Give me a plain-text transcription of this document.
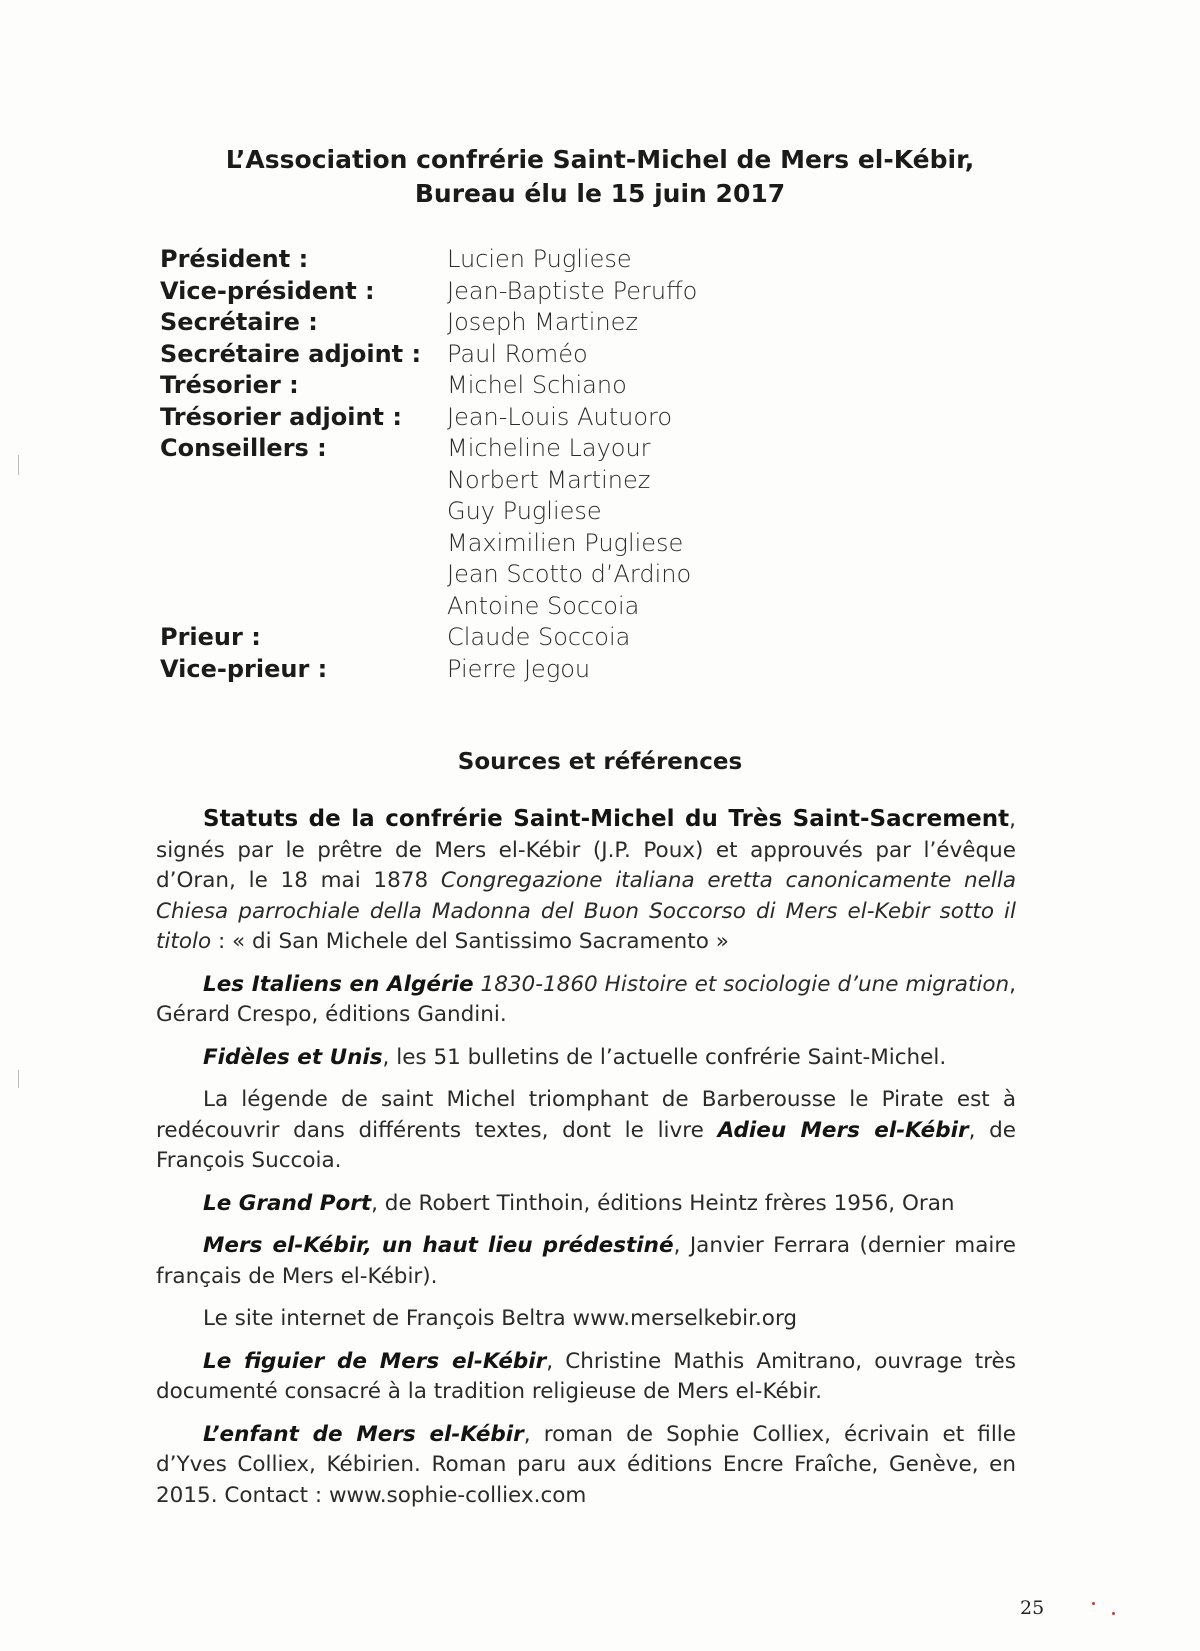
L’Association confrérie Saint-Michel de Mers el-Kébir,
Bureau élu le 15 juin 2017
Président :	Lucien Pugliese
Vice-président :	Jean-Baptiste Peruffo
Secrétaire :	Joseph Martinez
Secrétaire adjoint : Paul Roméo
Trésorier :	Michel Schiano
Trésorier adjoint : Jean-Louis Autuoro
Conseillers :	Micheline Layour
Norbert Martinez
Guy Pugliese
Maximilien Pugliese
Jean Scotto d’Ardino
Antoine Soccoia
Prieur :	Claude Soccoia
Vice-prieur :	Pierre Jegou
Sources et références

Statuts de la confrérie Saint-Michel du Très Saint-Sacrement, signés par le prêtre de Mers el-Kébir (J.P. Poux) et approuvés par l’évêque d’Oran, le 18 mai 1878 Congregazione italiana eretta canonicamente nella Chiesa parrochiale della Madonna del Buon Soccorso di Mers el-Kebir sotto il titolo : « di San Michele del Santissimo Sacramento »

Les Italiens en Algérie 1830-1860 Histoire et sociologie d’une migration, Gérard Crespo, éditions Gandini.

Fidèles et Unis, les 51 bulletins de l’actuelle confrérie Saint-Michel.

La légende de saint Michel triomphant de Barberousse le Pirate est à redécouvrir dans différents textes, dont le livre Adieu Mers el-Kébir, de François Succoia.

Le Grand Port, de Robert Tinthoin, éditions Heintz frères 1956, Oran

Mers el-Kébir, un haut lieu prédestiné, Janvier Ferrara (dernier maire français de Mers el-Kébir).

Le site internet de François Beltra www.merselkebir.org

Le figuier de Mers el-Kébir, Christine Mathis Amitrano, ouvrage très documenté consacré à la tradition religieuse de Mers el-Kébir.

L’enfant de Mers el-Kébir, roman de Sophie Colliex, écrivain et fille d’Yves Colliex, Kébirien. Roman paru aux éditions Encre Fraîche, Genève, en 2015. Contact : www.sophie-colliex.com

25
